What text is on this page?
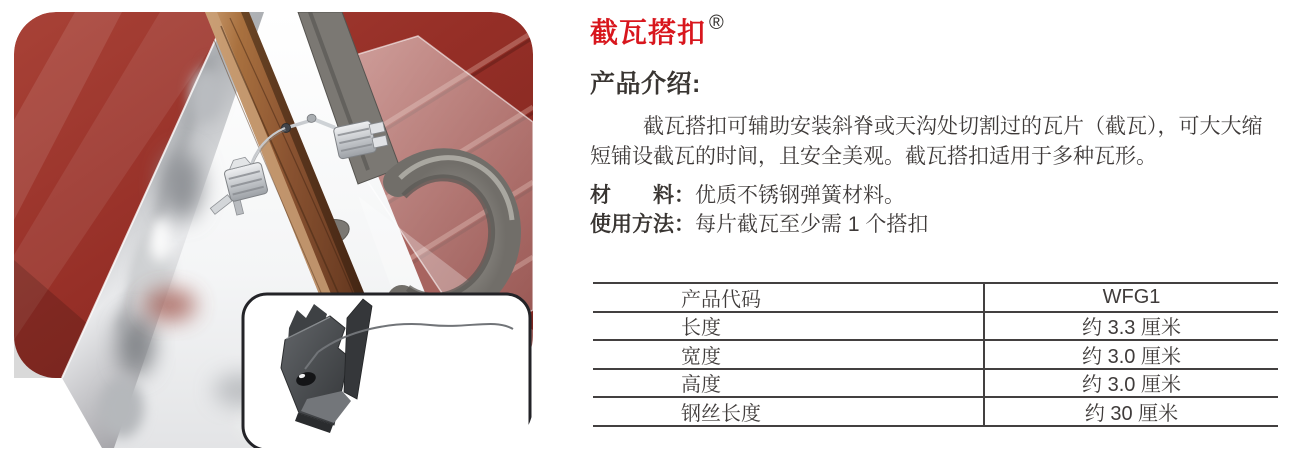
截瓦搭扣 ®
产品介绍:
截瓦搭扣可辅助安装斜脊或天沟处切割过的瓦片（截瓦），可大大缩
短铺设截瓦的时间，且安全美观。截瓦搭扣适用于多种瓦形。
材　　料：优质不锈钢弹簧材料。
使用方法：每片截瓦至少需 1 个搭扣
产品代码	WFG1
长度	约 3.3 厘米
宽度	约 3.0 厘米
高度	约 3.0 厘米
钢丝长度	约 30 厘米
